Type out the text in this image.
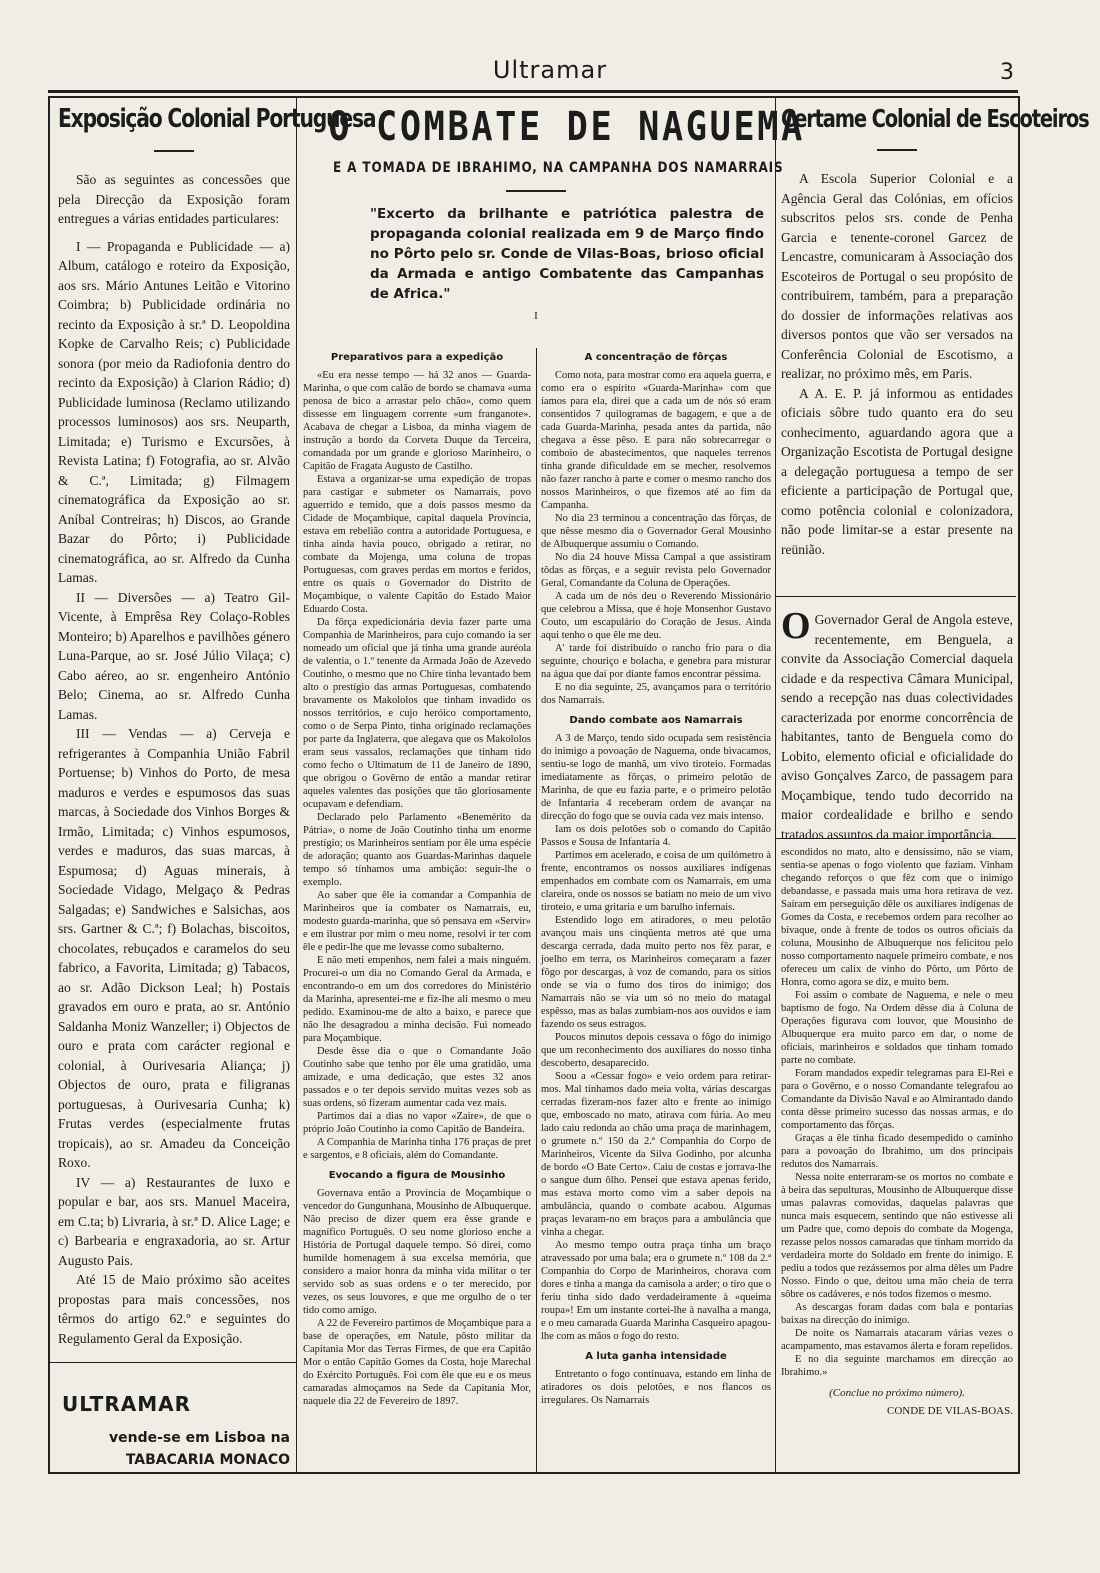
Ultramar	3
Exposição Colonial Portuguesa

São as seguintes as concessões que pela Direcção da Exposição foram entregues a várias entidades particulares:

I — Propaganda e Publicidade — a) Album, catálogo e roteiro da Exposição, aos srs. Mário Antunes Leitão e Vitorino Coimbra; b) Publicidade ordinária no recinto da Exposição à sr.ª D. Leopoldina Kopke de Carvalho Reis; c) Publicidade sonora (por meio da Radiofonia dentro do recinto da Exposição) à Clarion Rádio; d) Publicidade luminosa (Reclamo utilizando processos luminosos) aos srs. Neuparth, Limitada; e) Turismo e Excursões, à Revista Latina; f) Fotografia, ao sr. Alvão & C.ª, Limitada; g) Filmagem cinematográfica da Exposição ao sr. Aníbal Contreiras; h) Discos, ao Grande Bazar do Pôrto; i) Publicidade cinematográfica, ao sr. Alfredo da Cunha Lamas.

II — Diversões — a) Teatro Gil-Vicente, à Emprêsa Rey Colaço-Robles Monteiro; b) Aparelhos e pavilhões género Luna-Parque, ao sr. José Júlio Vilaça; c) Cabo aéreo, ao sr. engenheiro António Belo; Cinema, ao sr. Alfredo Cunha Lamas.

III — Vendas — a) Cerveja e refrigerantes à Companhia União Fabril Portuense; b) Vinhos do Porto, de mesa maduros e verdes e espumosos das suas marcas, à Sociedade dos Vinhos Borges & Irmão, Limitada; c) Vinhos espumosos, verdes e maduros, das suas marcas, à Espumosa; d) Aguas minerais, à Sociedade Vidago, Melgaço & Pedras Salgadas; e) Sandwiches e Salsichas, aos srs. Gartner & C.ª; f) Bolachas, biscoitos, chocolates, rebuçados e caramelos do seu fabrico, a Favorita, Limitada; g) Tabacos, ao sr. Adão Dickson Leal; h) Postais gravados em ouro e prata, ao sr. António Saldanha Moniz Wanzeller; i) Objectos de ouro e prata com carácter regional e colonial, à Ourivesaria Aliança; j) Objectos de ouro, prata e filigranas portuguesas, à Ourivesaria Cunha; k) Frutas verdes (especialmente frutas tropicais), ao sr. Amadeu da Conceição Roxo.

IV — a) Restaurantes de luxo e popular e bar, aos srs. Manuel Maceira, em C.ta; b) Livraria, à sr.ª D. Alice Lage; e c) Barbearia e engraxadoria, ao sr. Artur Augusto Pais.

Até 15 de Maio próximo são aceites propostas para mais concessões, nos têrmos do artigo 62.º e seguintes do Regulamento Geral da Exposição.

ULTRAMAR
vende-se em Lisboa na
TABACARIA MONACO
O COMBATE DE NAGUEMA
E A TOMADA DE IBRAHIMO, NA CAMPANHA DOS NAMARRAIS
"Excerto da brilhante e patriótica palestra de propaganda colonial realizada em 9 de Março findo no Pôrto pelo sr. Conde de Vilas-Boas, brioso oficial da Armada e antigo Combatente das Campanhas de Africa."
I
Preparativos para a expedição

«Eu era nesse tempo — há 32 anos — Guarda-Marinha, o que com calão de bordo se chamava «uma penosa de bico a arrastar pelo chão», como quem dissesse em linguagem corrente «um franganote». Acabava de chegar a Lisboa, da minha viagem de instrução a bordo da Corveta Duque da Terceira, comandada por um grande e glorioso Marinheiro, o Capitão de Fragata Augusto de Castilho.

Estava a organizar-se uma expedição de tropas para castigar e submeter os Namarrais, povo aguerrido e temido, que a dois passos mesmo da Cidade de Moçambique, capital daquela Província, estava em rebelião contra a autoridade Portuguesa, e tinha ainda havia pouco, obrigado a retirar, no combate da Mojenga, uma coluna de tropas Portuguesas, com graves perdas em mortos e feridos, entre os quais o Governador do Distrito de Moçambique, o valente Capitão do Estado Maior Eduardo Costa.

Da fôrça expedicionária devia fazer parte uma Companhia de Marinheiros, para cujo comando ia ser nomeado um oficial que já tinha uma grande auréola de valentia, o 1.º tenente da Armada João de Azevedo Coutinho, o mesmo que no Chire tinha levantado bem alto o prestígio das armas Portuguesas, combatendo bravamente os Makololos que tinham invadido os nossos territórios, e cujo heróico comportamento, como o de Serpa Pinto, tinha originado reclamações por parte da Inglaterra, que alegava que os Makololos eram seus vassalos, reclamações que tinham tido como fecho o Ultimatum de 11 de Janeiro de 1890, que obrigou o Govêrno de então a mandar retirar aqueles valentes das posições que tão gloriosamente ocupavam e defendiam.

Declarado pelo Parlamento «Benemérito da Pátria», o nome de João Coutinho tinha um enorme prestígio; os Marinheiros sentiam por êle uma espécie de adoração; quanto aos Guardas-Marinhas daquele tempo só tínhamos uma ambição: seguir-lhe o exemplo.

Ao saber que êle ia comandar a Companhia de Marinheiros que ia combater os Namarrais, eu, modesto guarda-marinha, que só pensava em «Servir» e em ilustrar por mim o meu nome, resolvi ir ter com êle e pedir-lhe que me levasse como subalterno.

E não meti empenhos, nem falei a mais ninguém. Procurei-o um dia no Comando Geral da Armada, e encontrando-o em um dos corredores do Ministério da Marinha, apresentei-me e fiz-lhe ali mesmo o meu pedido. Examinou-me de alto a baixo, e parece que não lhe desagradou a minha decisão. Fui nomeado para Moçambique.

Desde êsse dia o que o Comandante João Coutinho sabe que tenho por êle uma gratidão, uma amizade, e uma dedicação, que estes 32 anos passados e o ter depois servido muitas vezes sob as suas ordens, só fizeram aumentar cada vez mais.

Partimos daí a dias no vapor «Zaire», de que o próprio João Coutinho ia como Capitão de Bandeira.

A Companhia de Marinha tinha 176 praças de pret e sargentos, e 8 oficiais, além do Comandante.

Evocando a figura de Mousinho

Governava então a Província de Moçambique o vencedor do Gungunhana, Mousinho de Albuquerque. Não preciso de dizer quem era êsse grande e magnífico Português. O seu nome glorioso enche a História de Portugal daquele tempo. Só direi, como humilde homenagem à sua excelsa memória, que considero a maior honra da minha vida militar o ter servido sob as suas ordens e o ter merecido, por vezes, os seus louvores, e que me orgulho de o ter tido como amigo.

A 22 de Fevereiro partimos de Moçambique para a base de operações, em Natule, pôsto militar da Capitania Mor das Terras Firmes, de que era Capitão Mor o então Capitão Gomes da Costa, hoje Marechal do Exército Português. Foi com êle que eu e os meus camaradas almoçamos na Sede da Capitania Mor, naquele dia 22 de Fevereiro de 1897.

A concentração de fôrças

Como nota, para mostrar como era aquela guerra, e como era o espírito «Guarda-Marinha» com que íamos para ela, direi que a cada um de nós só eram consentidos 7 quilogramas de bagagem, e que a de cada Guarda-Marinha, pesada antes da partida, não chegava a êsse pêso. E para não sobrecarregar o comboio de abastecimentos, que naqueles terrenos tinha grande dificuldade em se mecher, resolvemos não fazer rancho à parte e comer o mesmo rancho dos nossos Marinheiros, o que fizemos até ao fim da Campanha.

No dia 23 terminou a concentração das fôrças, de que nêsse mesmo dia o Governador Geral Mousinho de Albuquerque assumiu o Comando.

No dia 24 houve Missa Campal a que assistiram tôdas as fôrças, e a seguir revista pelo Governador Geral, Comandante da Coluna de Operações.

A cada um de nós deu o Reverendo Missionário que celebrou a Missa, que é hoje Monsenhor Gustavo Couto, um escapulário do Coração de Jesus. Ainda aqui tenho o que êle me deu.

A' tarde foi distribuído o rancho frio para o dia seguinte, chouriço e bolacha, e genebra para misturar na água que daí por diante famos encontrar péssima.

E no dia seguinte, 25, avançamos para o território dos Namarrais.

Dando combate aos Namarrais

A 3 de Março, tendo sido ocupada sem resistência do inimigo a povoação de Naguema, onde bivacamos, sentiu-se logo de manhã, um vivo tiroteio. Formadas imediatamente as fôrças, o primeiro pelotão de Marinha, de que eu fazia parte, e o primeiro pelotão de Infantaria 4 receberam ordem de avançar na direcção do fogo que se ouvia cada vez mais intenso.

Iam os dois pelotões sob o comando do Capitão Passos e Sousa de Infantaria 4.

Partimos em acelerado, e coisa de um quilómetro à frente, encontramos os nossos auxiliares indígenas empenhados em combate com os Namarrais, em uma clareira, onde os nossos se batiam no meio de um vivo tiroteio, e uma gritaria e um barulho infernais.

Estendido logo em atiradores, o meu pelotão avançou mais uns cinqüenta metros até que uma descarga cerrada, dada muito perto nos fêz parar, e joelho em terra, os Marinheiros começaram a fazer fôgo por descargas, à voz de comando, para os sítios onde se via o fumo dos tiros do inimigo; dos Namarrais não se via um só no meio do matagal espêsso, mas as balas zumbiam-nos aos ouvidos e iam fazendo os seus estragos.

Poucos minutos depois cessava o fôgo do inimigo que um reconhecimento dos auxiliares do nosso tinha descoberto, desaparecido.

Soou a «Cessar fogo» e veio ordem para retirar-mos. Mal tínhamos dado meia volta, várias descargas cerradas fizeram-nos fazer alto e frente ao inimigo que, emboscado no mato, atirava com fúria. Ao meu lado caiu redonda ao chão uma praça de marinhagem, o grumete n.º 150 da 2.ª Companhia do Corpo de Marinheiros, Vicente da Silva Godinho, por alcunha de bordo «O Bate Certo». Caiu de costas e jorrava-lhe o sangue dum ôlho. Pensei que estava apenas ferido, mas estava morto como vim a saber depois na ambulância, quando o combate acabou. Algumas praças levaram-no em braços para a ambulância que vinha a chegar.

Ao mesmo tempo outra praça tinha um braço atravessado por uma bala; era o grumete n.º 108 da 2.ª Companhia do Corpo de Marinheiros, chorava com dores e tinha a manga da camisola a arder; o tiro que o feriu tinha sido dado verdadeiramente à «queima roupa»! Em um instante cortei-lhe à navalha a manga, e o meu camarada Guarda Marinha Casqueiro apagou-lhe com as mãos o fogo do resto.

A luta ganha intensidade

Entretanto o fogo continuava, estando em linha de atiradores os dois pelotões, e nos flancos os irregulares. Os Namarrais

Certame Colonial de Escoteiros

A Escola Superior Colonial e a Agência Geral das Colónias, em ofícios subscritos pelos srs. conde de Penha Garcia e tenente-coronel Garcez de Lencastre, comunicaram à Associação dos Escoteiros de Portugal o seu propósito de contribuirem, também, para a preparação do dossier de informações relativas aos diversos pontos que vão ser versados na Conferência Colonial de Escotismo, a realizar, no próximo mês, em Paris.

A A. E. P. já informou as entidades oficiais sôbre tudo quanto era do seu conhecimento, aguardando agora que a Organização Escotista de Portugal designe a delegação portuguesa a tempo de ser eficiente a participação de Portugal que, como potência colonial e colonizadora, não pode limitar-se a estar presente na reünião.

O Governador Geral de Angola esteve, recentemente, em Benguela, a convite da Associação Comercial daquela cidade e da respectiva Câmara Municipal, sendo a recepção nas duas colectividades caracterizada por enorme concorrência de habitantes, tanto de Benguela como do Lobito, elemento oficial e oficialidade do aviso Gonçalves Zarco, de passagem para Moçambique, tendo tudo decorrido na maior cordealidade e brilho e sendo tratados assuntos da maior importância.

escondidos no mato, alto e densíssimo, não se viam, sentia-se apenas o fogo violento que faziam. Vinham chegando reforços o que fêz com que o inimigo debandasse, e passada mais uma hora retirava de vez. Saíram em perseguição dêle os auxiliares indígenas de Gomes da Costa, e recebemos ordem para recolher ao bivaque, onde à frente de todos os outros oficiais da coluna, Mousinho de Albuquerque nos felicitou pelo nosso comportamento naquele primeiro combate, e nos ofereceu um calix de vinho do Pôrto, um Pôrto de Honra, como agora se diz, e muito bem.

Foi assim o combate de Naguema, e nele o meu baptismo de fogo. Na Ordem dêsse dia à Coluna de Operações figurava com louvor, que Mousinho de Albuquerque era muito parco em dar, o nome de oficiais, marinheiros e soldados que tinham tomado parte no combate.

Foram mandados expedir telegramas para El-Rei e para o Govêrno, e o nosso Comandante telegrafou ao Comandante da Divisão Naval e ao Almirantado dando conta dêsse primeiro sucesso das nossas armas, e do comportamento das fôrças.

Graças a êle tinha ficado desempedido o caminho para a povoação do Ibrahimo, um dos principais redutos dos Namarrais.

Nessa noite enterraram-se os mortos no combate e à beira das sepulturas, Mousinho de Albuquerque disse umas palavras comovidas, daquelas palavras que nunca mais esquecem, sentindo que não estivesse ali um Padre que, como depois do combate da Mogenga, rezasse pelos nossos camaradas que tinham morrido da verdadeira morte do Soldado em frente do inimigo. E pediu a todos que rezássemos por alma dêles um Padre Nosso. Findo o que, deitou uma mão cheia de terra sôbre os cadáveres, e nós todos fizemos o mesmo.

As descargas foram dadas com bala e pontarias baixas na direcção do inimigo.

De noite os Namarrais atacaram várias vezes o acampamento, mas estavamos álerta e foram repelidos.

E no dia seguinte marchamos em direcção ao Ibrahimo.»

(Conclue no próximo número).
CONDE DE VILAS-BOAS.
